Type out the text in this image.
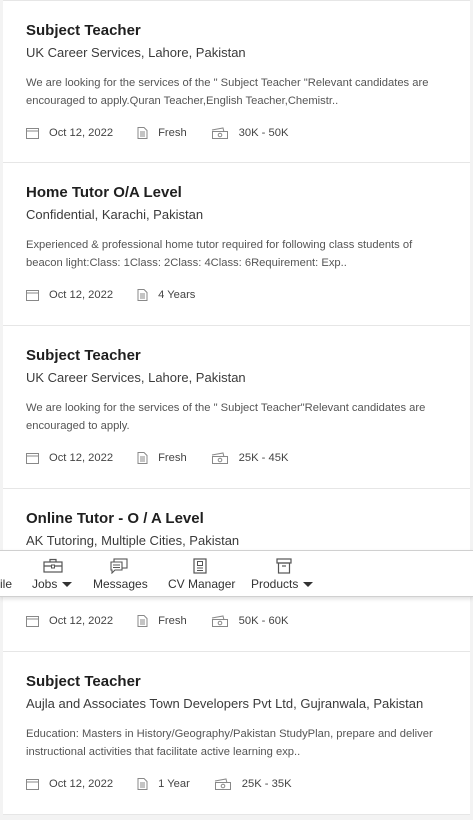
Subject Teacher
UK Career Services, Lahore, Pakistan
We are looking for the services of the " Subject Teacher "Relevant candidates are encouraged to apply.Quran Teacher,English Teacher,Chemistr..
Oct 12, 2022	Fresh	30K - 50K
Home Tutor O/A Level
Confidential, Karachi, Pakistan
Experienced & professional home tutor required for following class students of beacon light:Class: 1Class: 2Class: 4Class: 6Requirement: Exp..
Oct 12, 2022	4 Years
Subject Teacher
UK Career Services, Lahore, Pakistan
We are looking for the services of the " Subject Teacher"Relevant candidates are encouraged to apply.
Oct 12, 2022	Fresh	25K - 45K
Online Tutor - O / A Level
AK Tutoring, Multiple Cities, Pakistan
Oct 12, 2022	Fresh	50K - 60K
Subject Teacher
Aujla and Associates Town Developers Pvt Ltd, Gujranwala, Pakistan
Education: Masters in History/Geography/Pakistan StudyPlan, prepare and deliver instructional activities that facilitate active learning exp..
Oct 12, 2022	1 Year	25K - 35K
ile Jobs	Messages CV Manager Products
